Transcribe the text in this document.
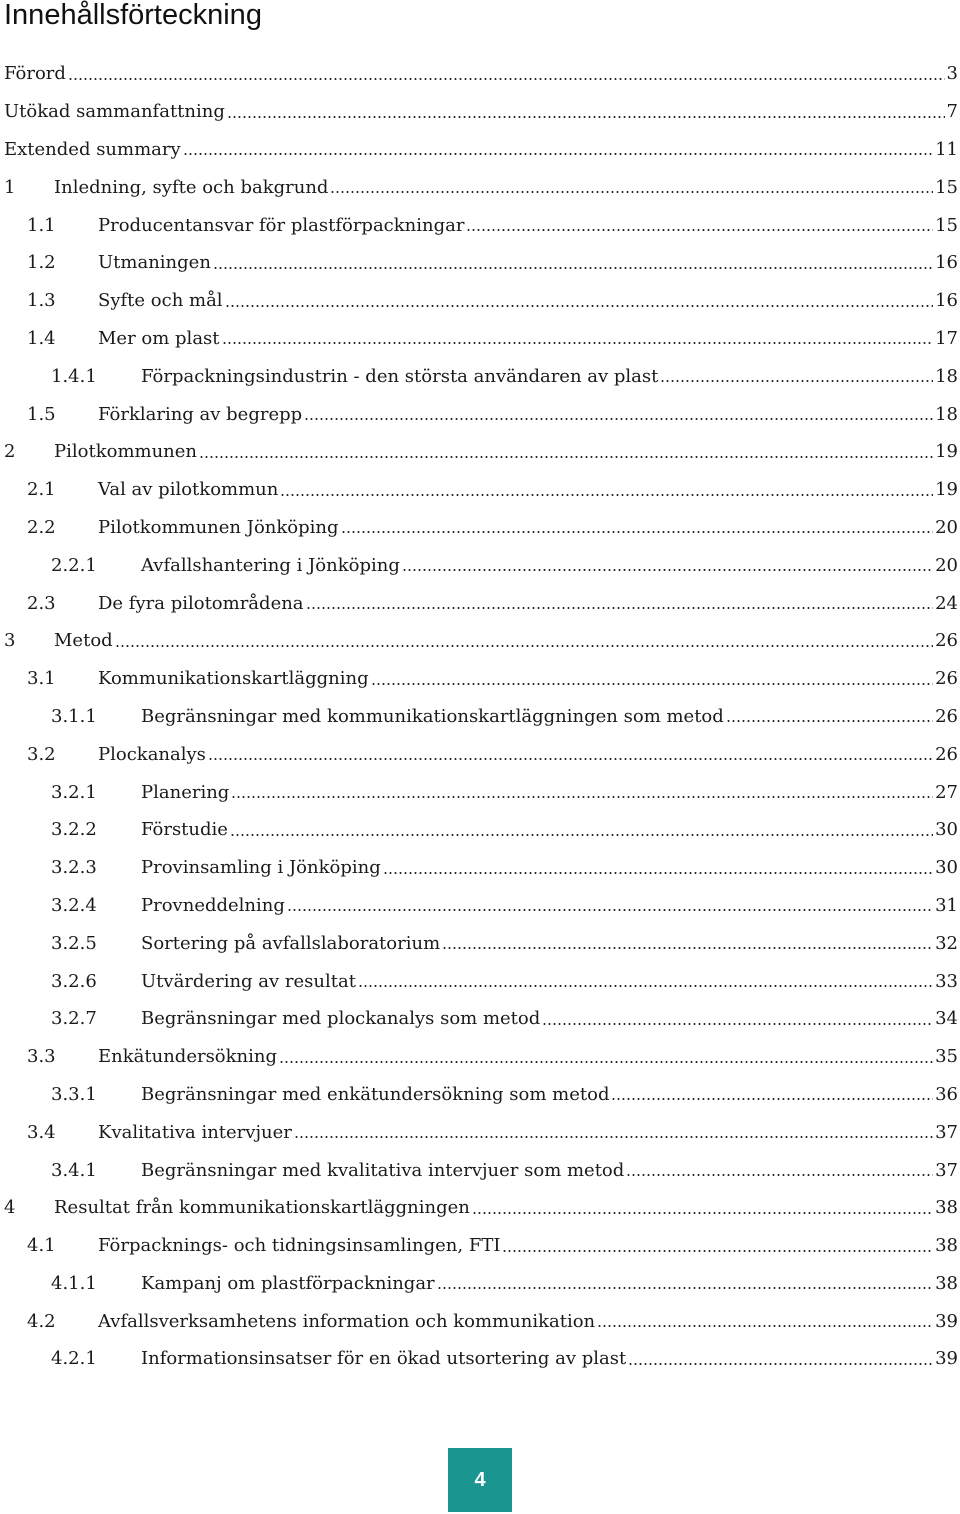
Innehållsförteckning
Förord	3
Utökad sammanfattning	7
Extended summary	11
1	Inledning, syfte och bakgrund	15
1.1	Producentansvar för plastförpackningar	15
1.2	Utmaningen	16
1.3	Syfte och mål	16
1.4	Mer om plast	17
1.4.1	Förpackningsindustrin - den största användaren av plast	18
1.5	Förklaring av begrepp	18
2	Pilotkommunen	19
2.1	Val av pilotkommun	19
2.2	Pilotkommunen Jönköping	20
2.2.1	Avfallshantering i Jönköping	20
2.3	De fyra pilotområdena	24
3	Metod	26
3.1	Kommunikationskartläggning	26
3.1.1	Begränsningar med kommunikationskartläggningen som metod	26
3.2	Plockanalys	26
3.2.1	Planering	27
3.2.2	Förstudie	30
3.2.3	Provinsamling i Jönköping	30
3.2.4	Provneddelning	31
3.2.5	Sortering på avfallslaboratorium	32
3.2.6	Utvärdering av resultat	33
3.2.7	Begränsningar med plockanalys som metod	34
3.3	Enkätundersökning	35
3.3.1	Begränsningar med enkätundersökning som metod	36
3.4	Kvalitativa intervjuer	37
3.4.1	Begränsningar med kvalitativa intervjuer som metod	37
4	Resultat från kommunikationskartläggningen	38
4.1	Förpacknings- och tidningsinsamlingen, FTI	38
4.1.1	Kampanj om plastförpackningar	38
4.2	Avfallsverksamhetens information och kommunikation	39
4.2.1	Informationsinsatser för en ökad utsortering av plast	39
4
